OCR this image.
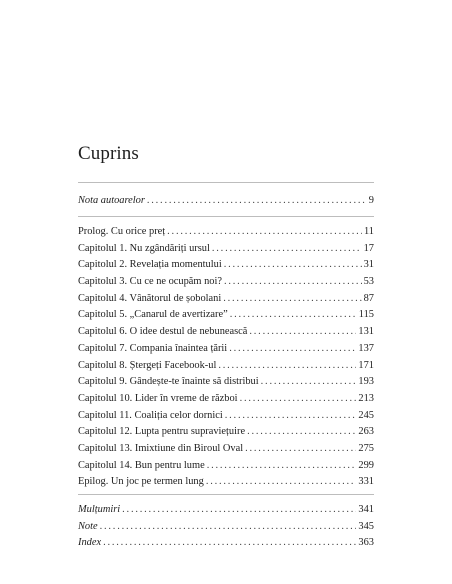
Cuprins
Nota autoarelor . . .	9
Prolog. Cu orice preț . . .	11
Capitolul 1. Nu zgândăriți ursul . . .	17
Capitolul 2. Revelația momentului . . .	31
Capitolul 3. Cu ce ne ocupăm noi? . . .	53
Capitolul 4. Vânătorul de șobolani . . .	87
Capitolul 5. „Canarul de avertizare” . . .	115
Capitolul 6. O idee destul de nebunească . . .	131
Capitolul 7. Compania înaintea țării . . .	137
Capitolul 8. Ștergeți Facebook-ul . . .	171
Capitolul 9. Gândește-te înainte să distribui . . .	193
Capitolul 10. Lider în vreme de război . . .	213
Capitolul 11. Coaliția celor dornici . . .	245
Capitolul 12. Lupta pentru supraviețuire . . .	263
Capitolul 13. Imixtiune din Biroul Oval . . .	275
Capitolul 14. Bun pentru lume . . .	299
Epilog. Un joc pe termen lung . . .	331
Mulțumiri . . .	341
Note . . .	345
Index . . .	363
